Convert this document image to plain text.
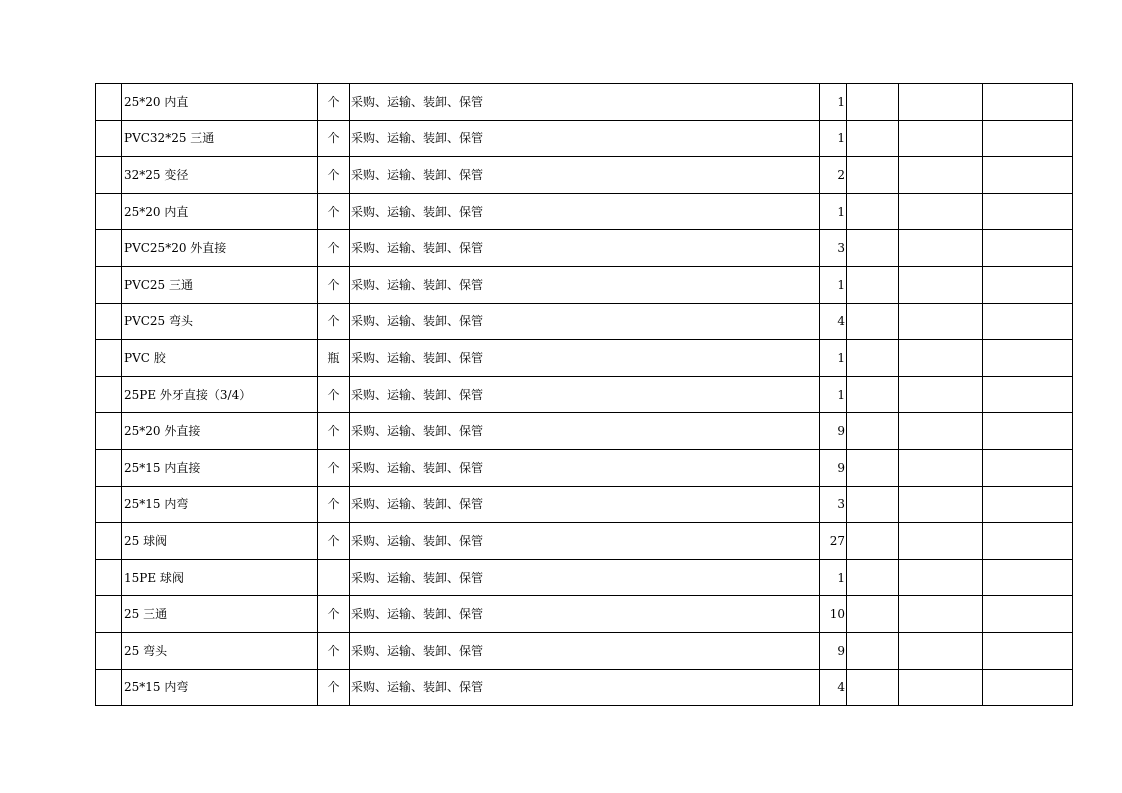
	25*20 内直	个	采购、运输、装卸、保管	1			
	PVC32*25 三通	个	采购、运输、装卸、保管	1			
	32*25 变径	个	采购、运输、装卸、保管	2			
	25*20 内直	个	采购、运输、装卸、保管	1			
	PVC25*20 外直接	个	采购、运输、装卸、保管	3			
	PVC25 三通	个	采购、运输、装卸、保管	1			
	PVC25 弯头	个	采购、运输、装卸、保管	4			
	PVC 胶	瓶	采购、运输、装卸、保管	1			
	25PE 外牙直接（3/4）	个	采购、运输、装卸、保管	1			
	25*20 外直接	个	采购、运输、装卸、保管	9			
	25*15 内直接	个	采购、运输、装卸、保管	9			
	25*15 内弯	个	采购、运输、装卸、保管	3			
	25 球阀	个	采购、运输、装卸、保管	27			
	15PE 球阀		采购、运输、装卸、保管	1			
	25 三通	个	采购、运输、装卸、保管	10			
	25 弯头	个	采购、运输、装卸、保管	9			
	25*15 内弯	个	采购、运输、装卸、保管	4			
